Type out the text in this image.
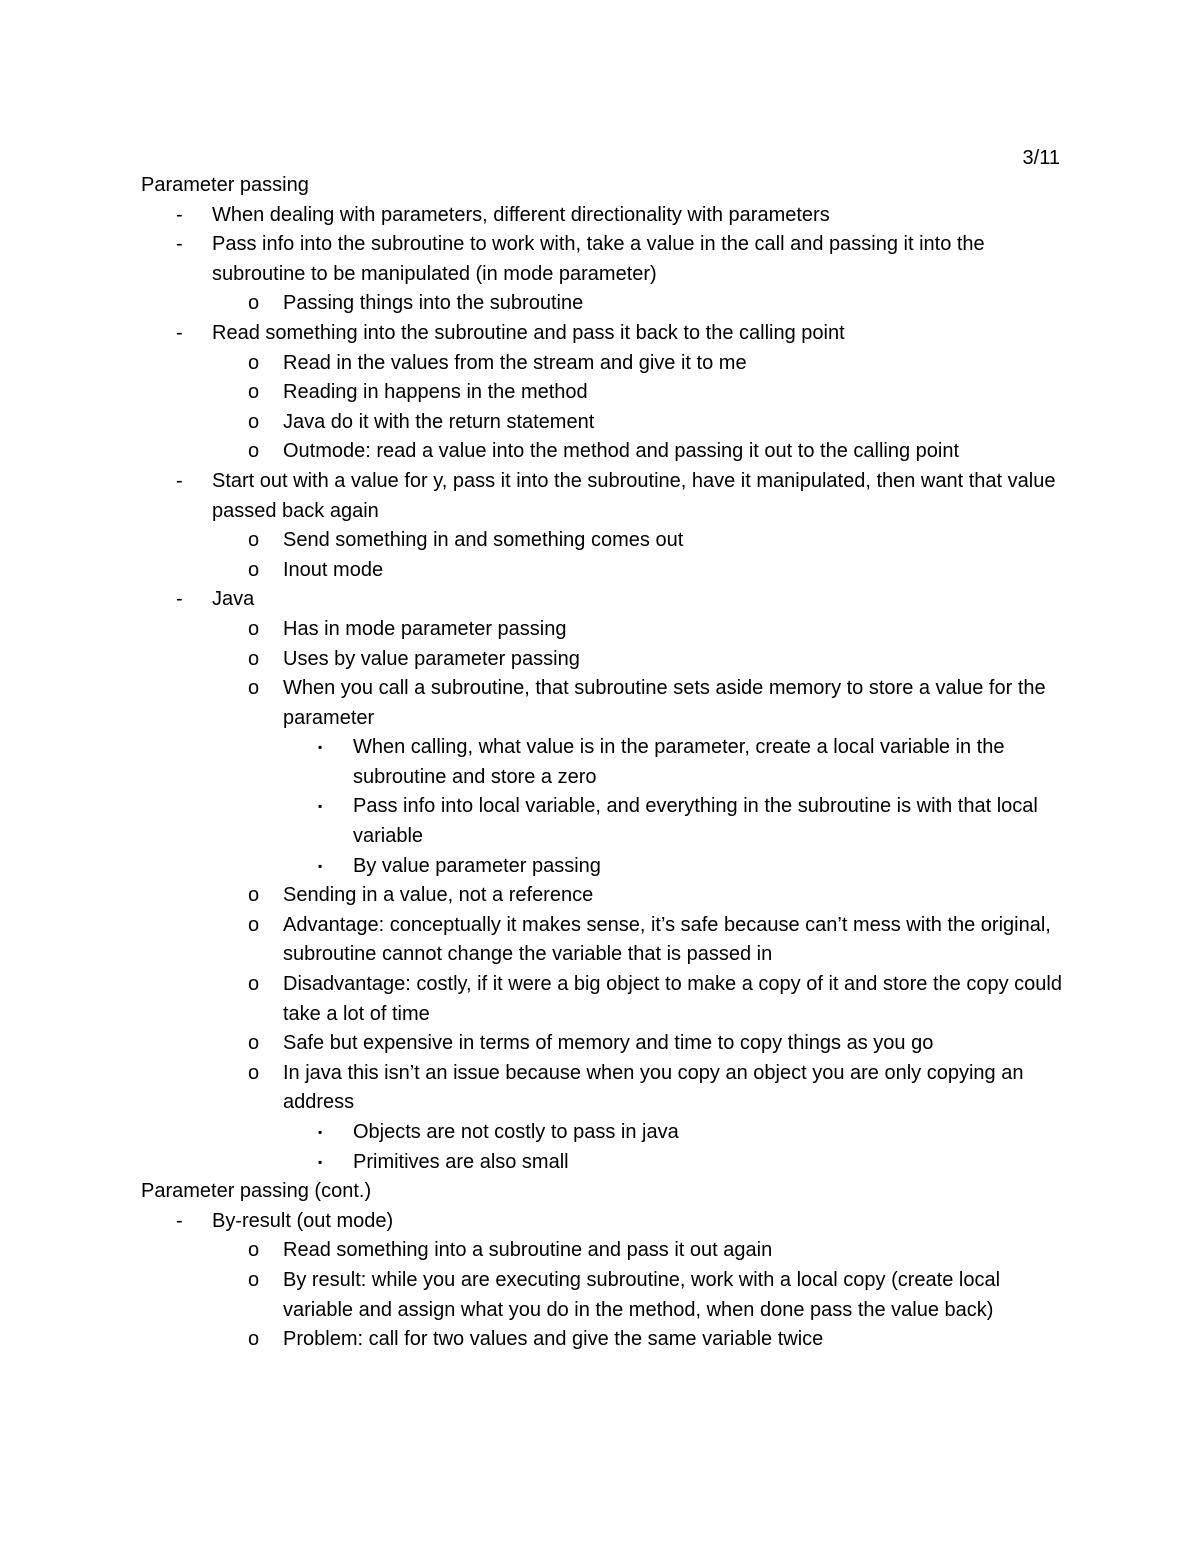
3/11
Parameter passing
- When dealing with parameters, different directionality with parameters
- Pass info into the subroutine to work with, take a value in the call and passing it into the subroutine to be manipulated (in mode parameter)
o Passing things into the subroutine
- Read something into the subroutine and pass it back to the calling point
o Read in the values from the stream and give it to me
o Reading in happens in the method
o Java do it with the return statement
o Outmode: read a value into the method and passing it out to the calling point
- Start out with a value for y, pass it into the subroutine, have it manipulated, then want that value passed back again
o Send something in and something comes out
o Inout mode
- Java
o Has in mode parameter passing
o Uses by value parameter passing
o When you call a subroutine, that subroutine sets aside memory to store a value for the parameter
▪ When calling, what value is in the parameter, create a local variable in the subroutine and store a zero
▪ Pass info into local variable, and everything in the subroutine is with that local variable
▪ By value parameter passing
o Sending in a value, not a reference
o Advantage: conceptually it makes sense, it’s safe because can’t mess with the original, subroutine cannot change the variable that is passed in
o Disadvantage: costly, if it were a big object to make a copy of it and store the copy could take a lot of time
o Safe but expensive in terms of memory and time to copy things as you go
o In java this isn’t an issue because when you copy an object you are only copying an address
▪ Objects are not costly to pass in java
▪ Primitives are also small
Parameter passing (cont.)
- By-result (out mode)
o Read something into a subroutine and pass it out again
o By result: while you are executing subroutine, work with a local copy (create local variable and assign what you do in the method, when done pass the value back)
o Problem: call for two values and give the same variable twice
